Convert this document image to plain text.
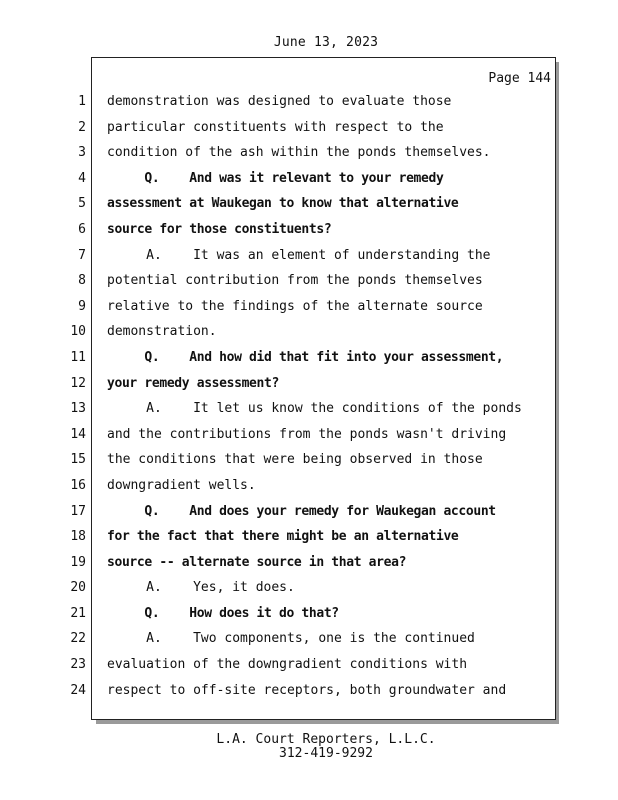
June 13, 2023
Page 144
1
2
3
4
5
6
7
8
9
10
11
12
13
14
15
16
17
18
19
20
21
22
23
24
demonstration was designed to evaluate those
particular constituents with respect to the
condition of the ash within the ponds themselves.
Q.    And was it relevant to your remedy
assessment at Waukegan to know that alternative
source for those constituents?
A.    It was an element of understanding the
potential contribution from the ponds themselves
relative to the findings of the alternate source
demonstration.
Q.    And how did that fit into your assessment,
your remedy assessment?
A.    It let us know the conditions of the ponds
and the contributions from the ponds wasn't driving
the conditions that were being observed in those
downgradient wells.
Q.    And does your remedy for Waukegan account
for the fact that there might be an alternative
source -- alternate source in that area?
A.    Yes, it does.
Q.    How does it do that?
A.    Two components, one is the continued
evaluation of the downgradient conditions with
respect to off-site receptors, both groundwater and
L.A. Court Reporters, L.L.C.
312-419-9292
